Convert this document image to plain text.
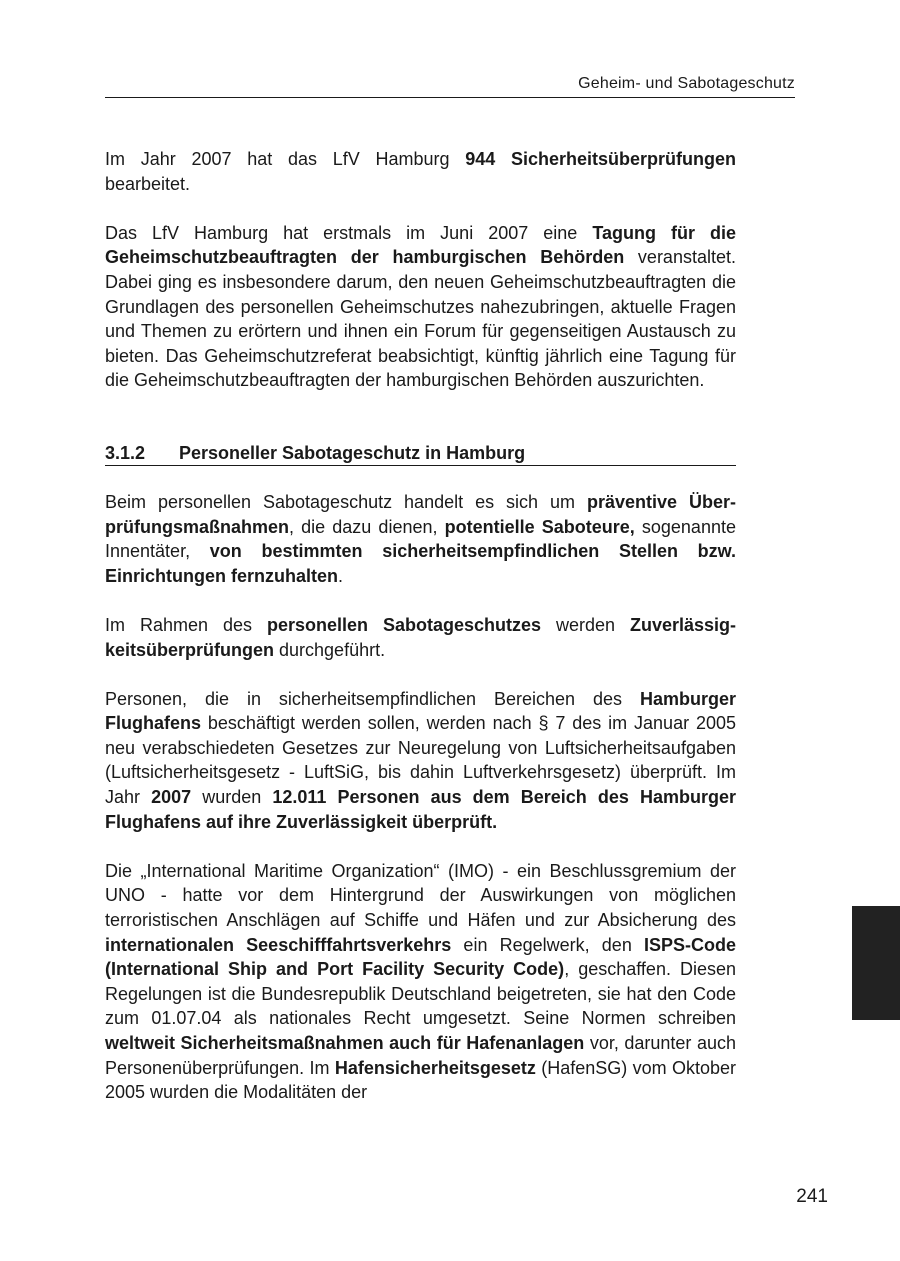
Geheim- und Sabotageschutz

Im Jahr 2007 hat das LfV Hamburg 944 Sicherheitsüberprüfungen bearbeitet.

Das LfV Hamburg hat erstmals im Juni 2007 eine Tagung für die Geheimschutzbeauftragten der hamburgischen Behörden veranstaltet. Dabei ging es insbesondere darum, den neuen Geheimschutzbeauftragten die Grundlagen des personellen Geheimschutzes nahezubringen, aktuelle Fragen und Themen zu erörtern und ihnen ein Forum für gegenseitigen Austausch zu bieten. Das Geheimschutzreferat beabsichtigt, künftig jährlich eine Tagung für die Geheimschutzbeauftragten der hamburgischen Behörden auszurichten.

3.1.2 Personeller Sabotageschutz in Hamburg

Beim personellen Sabotageschutz handelt es sich um präventive Überprüfungsmaßnahmen, die dazu dienen, potentielle Saboteure, sogenannte Innentäter, von bestimmten sicherheitsempfindlichen Stellen bzw. Einrichtungen fernzuhalten.

Im Rahmen des personellen Sabotageschutzes werden Zuverlässigkeitsüberprüfungen durchgeführt.

Personen, die in sicherheitsempfindlichen Bereichen des Hamburger Flughafens beschäftigt werden sollen, werden nach § 7 des im Januar 2005 neu verabschiedeten Gesetzes zur Neuregelung von Luftsicherheitsaufgaben (Luftsicherheitsgesetz - LuftSiG, bis dahin Luftverkehrsgesetz) überprüft. Im Jahr 2007 wurden 12.011 Personen aus dem Bereich des Hamburger Flughafens auf ihre Zuverlässigkeit überprüft.

Die „International Maritime Organization“ (IMO) - ein Beschlussgremium der UNO - hatte vor dem Hintergrund der Auswirkungen von möglichen terroristischen Anschlägen auf Schiffe und Häfen und zur Absicherung des internationalen Seeschifffahrtsverkehrs ein Regelwerk, den ISPS-Code (International Ship and Port Facility Security Code), geschaffen. Diesen Regelungen ist die Bundesrepublik Deutschland beigetreten, sie hat den Code zum 01.07.04 als nationales Recht umgesetzt. Seine Normen schreiben weltweit Sicherheitsmaßnahmen auch für Hafenanlagen vor, darunter auch Personenüberprüfungen. Im Hafensicherheitsgesetz (HafenSG) vom Oktober 2005 wurden die Modalitäten der

241
